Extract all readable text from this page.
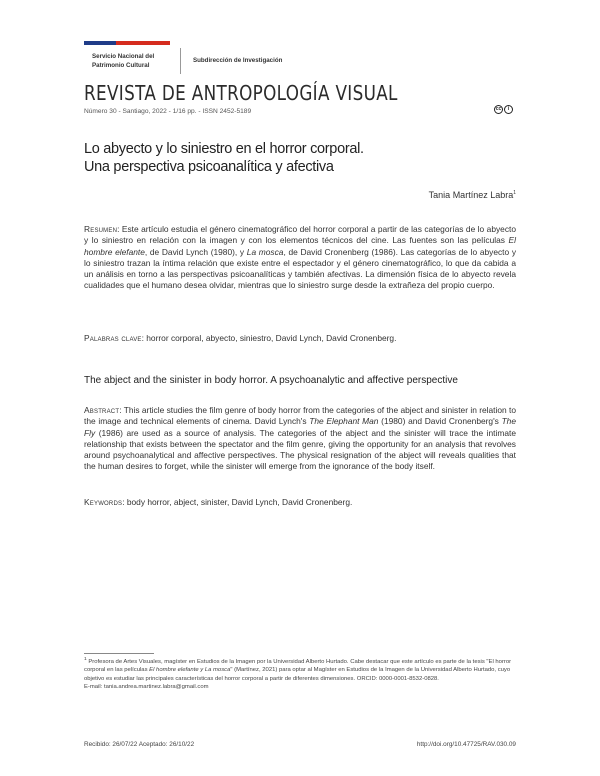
Servicio Nacional del
Patrimonio Cultural
Subdirección de Investigación
REVISTA DE ANTROPOLOGÍA VISUAL
Número 30 - Santiago, 2022 - 1/16 pp. - ISSN 2452-5189	cc	i
Lo abyecto y lo siniestro en el horror corporal.
Una perspectiva psicoanalítica y afectiva
Tania Martínez Labra$^1$
Resumen: Este artículo estudia el género cinematográfico del horror corporal a partir de las categorías de lo abyecto y lo siniestro en relación con la imagen y con los elementos técnicos del cine. Las fuentes son las películas El hombre elefante, de David Lynch (1980), y La mosca, de David Cronenberg (1986). Las categorías de lo abyecto y lo siniestro trazan la íntima relación que existe entre el espectador y el género cinematográfico, lo que da cabida a un análisis en torno a las perspectivas psicoanalíticas y también afectivas. La dimensión física de lo abyecto revela cualidades que el humano desea olvidar, mientras que lo siniestro surge desde la extrañeza del propio cuerpo.
Palabras clave: horror corporal, abyecto, siniestro, David Lynch, David Cronenberg.
The abject and the sinister in body horror. A psychoanalytic and affective perspective
Abstract: This article studies the film genre of body horror from the categories of the abject and sinister in relation to the image and technical elements of cinema. David Lynch's The Elephant Man (1980) and David Cronenberg's The Fly (1986) are used as a source of analysis. The categories of the abject and the sinister will trace the intimate relationship that exists between the spectator and the film genre, giving the opportunity for an analysis that revolves around psychoanalytical and affective perspectives. The physical resignation of the abject will reveals qualities that the human desires to forget, while the sinister will emerge from the ignorance of the body itself.
Keywords: body horror, abject, sinister, David Lynch, David Cronenberg.
$^1$ Profesora de Artes Visuales, magíster en Estudios de la Imagen por la Universidad Alberto Hurtado. Cabe destacar que este artículo es parte de la tesis "El horror corporal en las películas El hombre elefante y La mosca" (Martínez, 2021) para optar al Magíster en Estudios de la Imagen de la Universidad Alberto Hurtado, cuyo objetivo es estudiar las principales características del horror corporal a partir de diferentes dimensiones. ORCID: 0000-0001-8532-0828.
E-mail: tania.andrea.martinez.labra@gmail.com
Recibido: 26/07/22 Aceptado: 26/10/22	http://doi.org/10.47725/RAV.030.09
